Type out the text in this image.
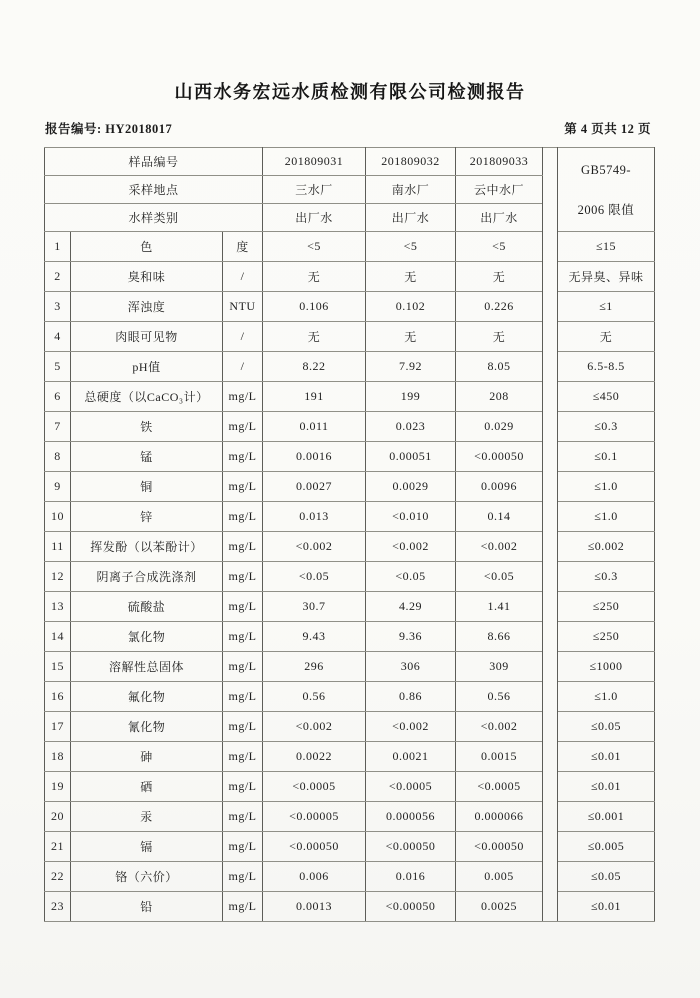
山西水务宏远水质检测有限公司检测报告
报告编号: HY2018017	第 4 页共 12 页
样品编号			201809031	201809032	201809033		GB5749-
2006 限值

采样地点			三水厂	南水厂	云中水厂		
水样类别			出厂水	出厂水	出厂水		
1	色	度	<5	<5	<5		≤15
2	臭和味	/	无	无	无		无异臭、异味
3	浑浊度	NTU	0.106	0.102	0.226		≤1
4	肉眼可见物	/	无	无	无		无
5	pH值	/	8.22	7.92	8.05		6.5-8.5
6	总硬度（以CaCO₃计）	mg/L	191	199	208		≤450
7	铁	mg/L	0.011	0.023	0.029		≤0.3
8	锰	mg/L	0.0016	0.00051	<0.00050		≤0.1
9	铜	mg/L	0.0027	0.0029	0.0096		≤1.0
10	锌	mg/L	0.013	<0.010	0.14		≤1.0
11	挥发酚（以苯酚计）	mg/L	<0.002	<0.002	<0.002		≤0.002
12	阴离子合成洗涤剂	mg/L	<0.05	<0.05	<0.05		≤0.3
13	硫酸盐	mg/L	30.7	4.29	1.41		≤250
14	氯化物	mg/L	9.43	9.36	8.66		≤250
15	溶解性总固体	mg/L	296	306	309		≤1000
16	氟化物	mg/L	0.56	0.86	0.56		≤1.0
17	氰化物	mg/L	<0.002	<0.002	<0.002		≤0.05
18	砷	mg/L	0.0022	0.0021	0.0015		≤0.01
19	硒	mg/L	<0.0005	<0.0005	<0.0005		≤0.01
20	汞	mg/L	<0.00005	0.000056	0.000066		≤0.001
21	镉	mg/L	<0.00050	<0.00050	<0.00050		≤0.005
22	铬（六价）	mg/L	0.006	0.016	0.005		≤0.05
23	铅	mg/L	0.0013	<0.00050	0.0025		≤0.01
